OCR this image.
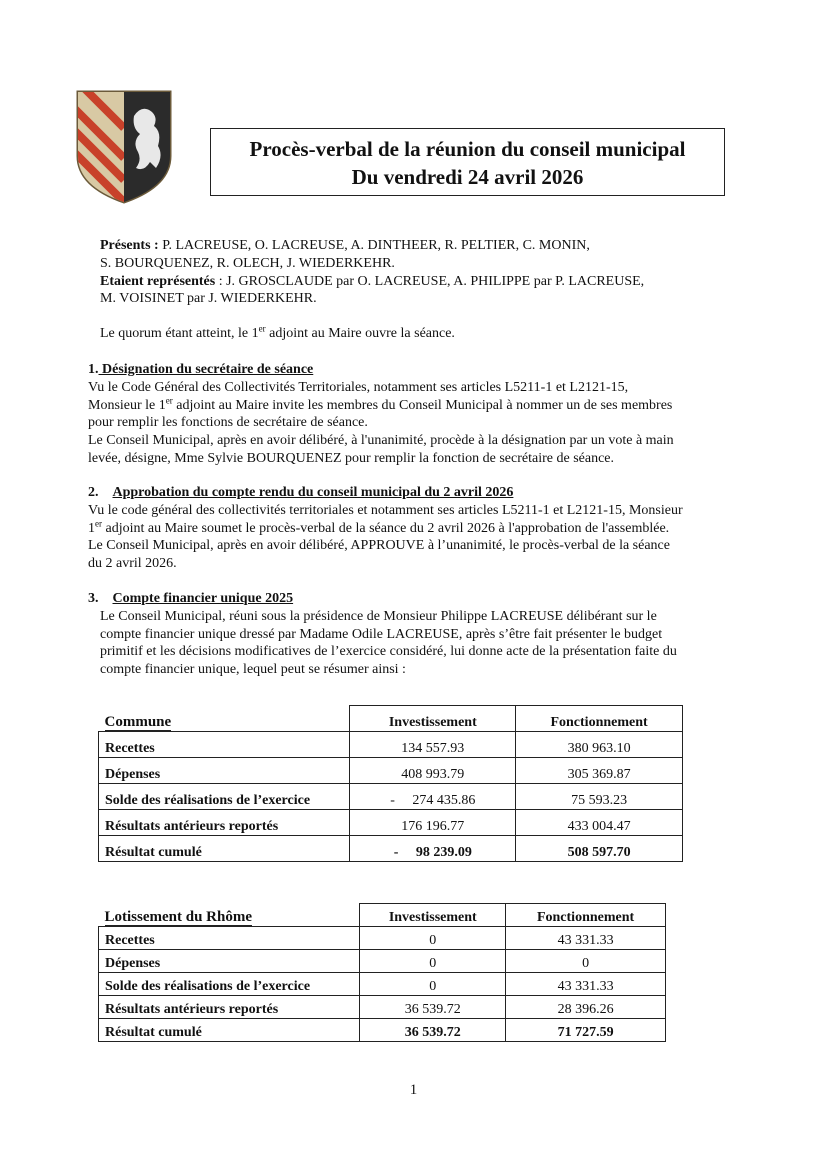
Procès-verbal de la réunion du conseil municipal
Du vendredi 24 avril 2026
Présents : P. LACREUSE, O. LACREUSE, A. DINTHEER, R. PELTIER, C. MONIN,
S. BOURQUENEZ, R. OLECH, J. WIEDERKEHR.
Etaient représentés : J. GROSCLAUDE par O. LACREUSE, A. PHILIPPE par P. LACREUSE,
M. VOISINET par J. WIEDERKEHR.
Le quorum étant atteint, le 1er adjoint au Maire ouvre la séance.
1. Désignation du secrétaire de séance
Vu le Code Général des Collectivités Territoriales, notamment ses articles L5211-1 et L2121-15,
Monsieur le 1er adjoint au Maire invite les membres du Conseil Municipal à nommer un de ses membres
pour remplir les fonctions de secrétaire de séance.
Le Conseil Municipal, après en avoir délibéré, à l'unanimité, procède à la désignation par un vote à main
levée, désigne, Mme Sylvie BOURQUENEZ pour remplir la fonction de secrétaire de séance.
2. Approbation du compte rendu du conseil municipal du 2 avril 2026
Vu le code général des collectivités territoriales et notamment ses articles L5211-1 et L2121-15, Monsieur
1er adjoint au Maire soumet le procès-verbal de la séance du 2 avril 2026 à l'approbation de l'assemblée.
Le Conseil Municipal, après en avoir délibéré, APPROUVE à l’unanimité, le procès-verbal de la séance
du 2 avril 2026.
3. Compte financier unique 2025
Le Conseil Municipal, réuni sous la présidence de Monsieur Philippe LACREUSE délibérant sur le
compte financier unique dressé par Madame Odile LACREUSE, après s’être fait présenter le budget
primitif et les décisions modificatives de l’exercice considéré, lui donne acte de la présentation faite du
compte financier unique, lequel peut se résumer ainsi :
Commune	Investissement	Fonctionnement
Recettes	134 557.93	380 963.10
Dépenses	408 993.79	305 369.87
Solde des réalisations de l’exercice	-     274 435.86	75 593.23
Résultats antérieurs reportés	176 196.77	433 004.47
Résultat cumulé	-     98 239.09	508 597.70
Lotissement du Rhôme	Investissement	Fonctionnement
Recettes	0	43 331.33
Dépenses	0	0
Solde des réalisations de l’exercice	0	43 331.33
Résultats antérieurs reportés	36 539.72	28 396.26
Résultat cumulé	36 539.72	71 727.59
1
